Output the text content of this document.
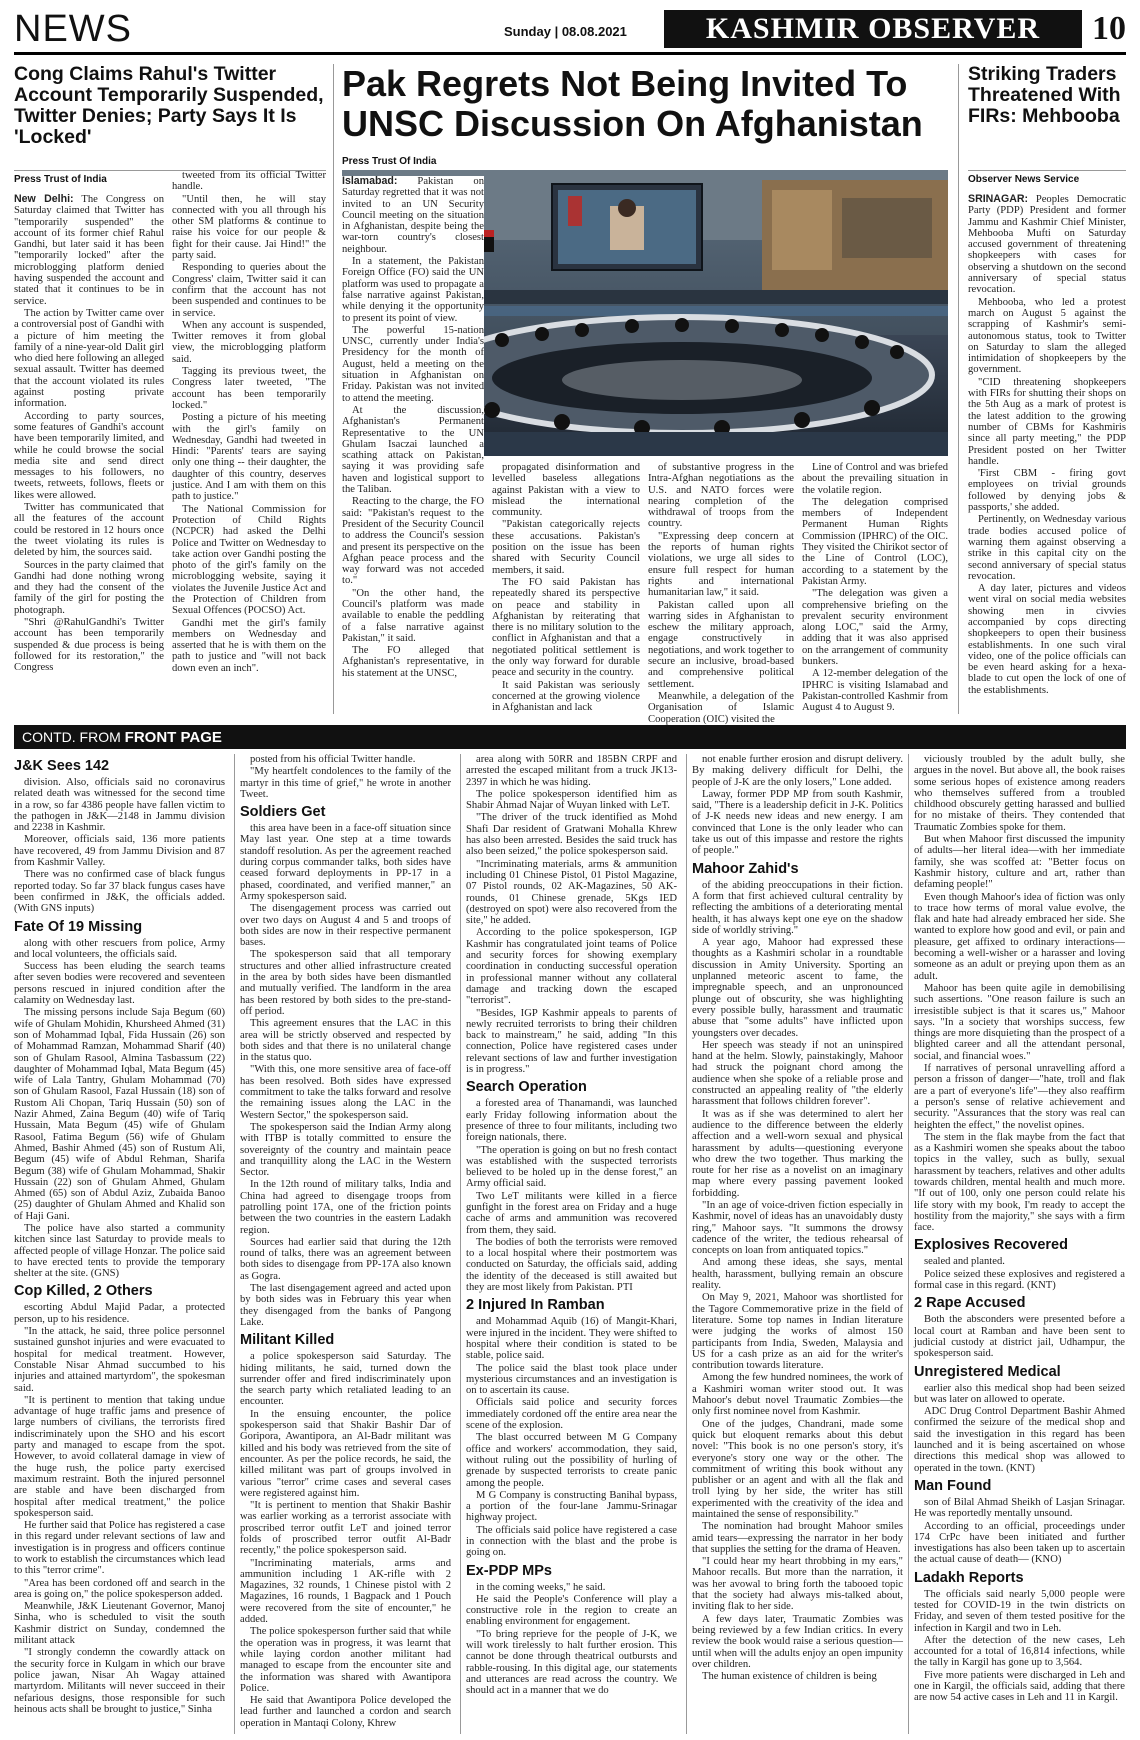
NEWS	Sunday | 08.08.2021	KASHMIR OBSERVER	10
Cong Claims Rahul's Twitter Account Temporarily Suspended, Twitter Denies; Party Says It Is 'Locked'
Press Trust of India

New Delhi: The Congress on Saturday claimed that Twitter has "temporarily suspended" the account of its former chief Rahul Gandhi, but later said it has been "temporarily locked" after the microblogging platform denied having suspended the account and stated that it continues to be in service.

The action by Twitter came over a controversial post of Gandhi with a picture of him meeting the family of a nine-year-old Dalit girl who died here following an alleged sexual assault. Twitter has deemed that the account violated its rules against posting private information.

According to party sources, some features of Gandhi's account have been temporarily limited, and while he could browse the social media site and send direct messages to his followers, no tweets, retweets, follows, fleets or likes were allowed.

Twitter has communicated that all the features of the account could be restored in 12 hours once the tweet violating its rules is deleted by him, the sources said.

Sources in the party claimed that Gandhi had done nothing wrong and they had the consent of the family of the girl for posting the photograph.

"Shri @RahulGandhi's Twitter account has been temporarily suspended & due process is being followed for its restoration," the Congress

tweeted from its official Twitter handle.

"Until then, he will stay connected with you all through his other SM platforms & continue to raise his voice for our people & fight for their cause. Jai Hind!" the party said.

Responding to queries about the Congress' claim, Twitter said it can confirm that the account has not been suspended and continues to be in service.

When any account is suspended, Twitter removes it from global view, the microblogging platform said.

Tagging its previous tweet, the Congress later tweeted, "The account has been temporarily locked."

Posting a picture of his meeting with the girl's family on Wednesday, Gandhi had tweeted in Hindi: "Parents' tears are saying only one thing -- their daughter, the daughter of this country, deserves justice. And I am with them on this path to justice."

The National Commission for Protection of Child Rights (NCPCR) had asked the Delhi Police and Twitter on Wednesday to take action over Gandhi posting the photo of the girl's family on the microblogging website, saying it violates the Juvenile Justice Act and the Protection of Children from Sexual Offences (POCSO) Act.

Gandhi met the girl's family members on Wednesday and asserted that he is with them on the path to justice and "will not back down even an inch".

Pak Regrets Not Being Invited To UNSC Discussion On Afghanistan
Press Trust Of India

Islamabad: Pakistan on Saturday regretted that it was not invited to an UN Security Council meeting on the situation in Afghanistan, despite being the war-torn country's closest neighbour.

In a statement, the Pakistan Foreign Office (FO) said the UN platform was used to propagate a false narrative against Pakistan, while denying it the opportunity to present its point of view.

The powerful 15-nation UNSC, currently under India's Presidency for the month of August, held a meeting on the situation in Afghanistan on Friday. Pakistan was not invited to attend the meeting.

At the discussion, Afghanistan's Permanent Representative to the UN Ghulam Isaczai launched a scathing attack on Pakistan, saying it was providing safe haven and logistical support to the Taliban.

Reacting to the charge, the FO said: "Pakistan's request to the President of the Security Council to address the Council's session and present its perspective on the Afghan peace process and the way forward was not acceded to."

"On the other hand, the Council's platform was made available to enable the peddling of a false narrative against Pakistan," it said.

The FO alleged that Afghanistan's representative, in his statement at the UNSC,

propagated disinformation and levelled baseless allegations against Pakistan with a view to mislead the international community.

"Pakistan categorically rejects these accusations. Pakistan's position on the issue has been shared with Security Council members, it said.

The FO said Pakistan has repeatedly shared its perspective on peace and stability in Afghanistan by reiterating that there is no military solution to the conflict in Afghanistan and that a negotiated political settlement is the only way forward for durable peace and security in the country.

It said Pakistan was seriously concerned at the growing violence in Afghanistan and lack

of substantive progress in the Intra-Afghan negotiations as the U.S. and NATO forces were nearing completion of the withdrawal of troops from the country.

"Expressing deep concern at the reports of human rights violations, we urge all sides to ensure full respect for human rights and international humanitarian law," it said.

Pakistan called upon all warring sides in Afghanistan to eschew the military approach, engage constructively in negotiations, and work together to secure an inclusive, broad-based and comprehensive political settlement.

Meanwhile, a delegation of the Organisation of Islamic Cooperation (OIC) visited the

Line of Control and was briefed about the prevailing situation in the volatile region.

The delegation comprised members of Independent Permanent Human Rights Commission (IPHRC) of the OIC. They visited the Chirikot sector of the Line of Control (LOC), according to a statement by the Pakistan Army.

"The delegation was given a comprehensive briefing on the prevalent security environment along LOC," said the Army, adding that it was also apprised on the arrangement of community bunkers.

A 12-member delegation of the IPHRC is visiting Islamabad and Pakistan-controlled Kashmir from August 4 to August 9.

Striking Traders Threatened With FIRs: Mehbooba
Observer News Service

SRINAGAR: Peoples Democratic Party (PDP) President and former Jammu and Kashmir Chief Minister, Mehbooba Mufti on Saturday accused government of threatening shopkeepers with cases for observing a shutdown on the second anniversary of special status revocation.

Mehbooba, who led a protest march on August 5 against the scrapping of Kashmir's semi-autonomous status, took to Twitter on Saturday to slam the alleged intimidation of shopkeepers by the government.

"CID threatening shopkeepers with FIRs for shutting their shops on the 5th Aug as a mark of protest is the latest addition to the growing number of CBMs for Kashmiris since all party meeting," the PDP President posted on her Twitter handle.

'First CBM - firing govt employees on trivial grounds followed by denying jobs & passports,' she added.

Pertinently, on Wednesday various trade bodies accused police of warning them against observing a strike in this capital city on the second anniversary of special status revocation.

A day later, pictures and videos went viral on social media websites showing men in civvies accompanied by cops directing shopkeepers to open their business establishments. In one such viral video, one of the police officials can be even heard asking for a hexa-blade to cut open the lock of one of the establishments.

CONTD. FROM FRONT PAGE
J&K Sees 142

division. Also, officials said no coronavirus related death was witnessed for the second time in a row, so far 4386 people have fallen victim to the pathogen in J&K—2148 in Jammu division and 2238 in Kashmir.

Moreover, officials said, 136 more patients have recovered, 49 from Jammu Division and 87 from Kashmir Valley.

There was no confirmed case of black fungus reported today. So far 37 black fungus cases have been confirmed in J&K, the officials added. (With GNS inputs)

Fate Of 19 Missing

along with other rescuers from police, Army and local volunteers, the officials said.

Success has been eluding the search teams after seven bodies were recovered and seventeen persons rescued in injured condition after the calamity on Wednesday last.

The missing persons include Saja Begum (60) wife of Ghulam Mohidin, Khursheed Ahmed (31) son of Mohammad Iqbal, Fida Hussain (26) son of Mohammad Ramzan, Mohammad Sharif (40) son of Ghulam Rasool, Almina Tasbassum (22) daughter of Mohammad Iqbal, Mata Begum (45) wife of Lala Tantry, Ghulam Mohammad (70) son of Ghulam Rasool, Fazal Hussain (18) son of Rustom Ali Chopan, Tariq Hussain (50) son of Nazir Ahmed, Zaina Begum (40) wife of Tariq Hussain, Mata Begum (45) wife of Ghulam Rasool, Fatima Begum (56) wife of Ghulam Ahmed, Bashir Ahmed (45) son of Rustum Ali, Begum (45) wife of Abdul Rehman, Sharifa Begum (38) wife of Ghulam Mohammad, Shakir Hussain (22) son of Ghulam Ahmed, Ghulam Ahmed (65) son of Abdul Aziz, Zubaida Banoo (25) daughter of Ghulam Ahmed and Khalid son of Haji Gani.

The police have also started a community kitchen since last Saturday to provide meals to affected people of village Honzar. The police said to have erected tents to provide the temporary shelter at the site. (GNS)

Cop Killed, 2 Others

escorting Abdul Majid Padar, a protected person, up to his residence.

"In the attack, he said, three police personnel sustained gunshot injuries and were evacuated to hospital for medical treatment. However, Constable Nisar Ahmad succumbed to his injuries and attained martyrdom", the spokesman said.

"It is pertinent to mention that taking undue advantage of huge traffic jams and presence of large numbers of civilians, the terrorists fired indiscriminately upon the SHO and his escort party and managed to escape from the spot. However, to avoid collateral damage in view of the huge rush, the police party exercised maximum restraint. Both the injured personnel are stable and have been discharged from hospital after medical treatment," the police spokesperson said.

He further said that Police has registered a case in this regard under relevant sections of law and investigation is in progress and officers continue to work to establish the circumstances which lead to this "terror crime".

"Area has been cordoned off and search in the area is going on," the police spokesperson added.

Meanwhile, J&K Lieutenant Governor, Manoj Sinha, who is scheduled to visit the south Kashmir district on Sunday, condemned the militant attack

"I strongly condemn the cowardly attack on the security force in Kulgam in which our brave police jawan, Nisar Ah Wagay attained martyrdom. Militants will never succeed in their nefarious designs, those responsible for such heinous acts shall be brought to justice," Sinha

posted from his official Twitter handle.

"My heartfelt condolences to the family of the martyr in this time of grief," he wrote in another Tweet.

Soldiers Get

this area have been in a face-off situation since May last year. One step at a time towards standoff resolution. As per the agreement reached during corpus commander talks, both sides have ceased forward deployments in PP-17 in a phased, coordinated, and verified manner," an Army spokesperson said.

The disengagement process was carried out over two days on August 4 and 5 and troops of both sides are now in their respective permanent bases.

The spokesperson said that all temporary structures and other allied infrastructure created in the area by both sides have been dismantled and mutually verified. The landform in the area has been restored by both sides to the pre-stand-off period.

This agreement ensures that the LAC in this area will be strictly observed and respected by both sides and that there is no unilateral change in the status quo.

"With this, one more sensitive area of face-off has been resolved. Both sides have expressed commitment to take the talks forward and resolve the remaining issues along the LAC in the Western Sector," the spokesperson said.

The spokesperson said the Indian Army along with ITBP is totally committed to ensure the sovereignty of the country and maintain peace and tranquillity along the LAC in the Western Sector.

In the 12th round of military talks, India and China had agreed to disengage troops from patrolling point 17A, one of the friction points between the two countries in the eastern Ladakh region.

Sources had earlier said that during the 12th round of talks, there was an agreement between both sides to disengage from PP-17A also known as Gogra.

The last disengagement agreed and acted upon by both sides was in February this year when they disengaged from the banks of Pangong Lake.

Militant Killed

a police spokesperson said Saturday. The hiding militants, he said, turned down the surrender offer and fired indiscriminately upon the search party which retaliated leading to an encounter.

In the ensuing encounter, the police spokesperson said that Shakir Bashir Dar of Goripora, Awantipora, an Al-Badr militant was killed and his body was retrieved from the site of encounter. As per the police records, he said, the killed militant was part of groups involved in various "terror" crime cases and several cases were registered against him.

"It is pertinent to mention that Shakir Bashir was earlier working as a terrorist associate with proscribed terror outfit LeT and joined terror folds of proscribed terror outfit Al-Badr recently," the police spokesperson said.

"Incriminating materials, arms and ammunition including 1 AK-rifle with 2 Magazines, 32 rounds, 1 Chinese pistol with 2 Magazines, 16 rounds, 1 Bagpack and 1 Pouch were recovered from the site of encounter," he added.

The police spokesperson further said that while the operation was in progress, it was learnt that while laying cordon another militant had managed to escape from the encounter site and the information was shared with Awantipora Police.

He said that Awantipora Police developed the lead further and launched a cordon and search operation in Mantaqi Colony, Khrew

area along with 50RR and 185BN CRPF and arrested the escaped militant from a truck JK13-2397 in which he was hiding.

The police spokesperson identified him as Shabir Ahmad Najar of Wuyan linked with LeT.

"The driver of the truck identified as Mohd Shafi Dar resident of Gratwani Mohalla Khrew has also been arrested. Besides the said truck has also been seized," the police spokesperson said.

"Incriminating materials, arms & ammunition including 01 Chinese Pistol, 01 Pistol Magazine, 07 Pistol rounds, 02 AK-Magazines, 50 AK-rounds, 01 Chinese grenade, 5Kgs IED (destroyed on spot) were also recovered from the site," he added.

According to the police spokesperson, IGP Kashmir has congratulated joint teams of Police and security forces for showing exemplary coordination in conducting successful operation in professional manner without any collateral damage and tracking down the escaped "terrorist".

"Besides, IGP Kashmir appeals to parents of newly recruited terrorists to bring their children back to mainstream," he said, adding "In this connection, Police have registered cases under relevant sections of law and further investigation is in progress."

Search Operation

a forested area of Thanamandi, was launched early Friday following information about the presence of three to four militants, including two foreign nationals, there.

"The operation is going on but no fresh contact was established with the suspected terrorists believed to be holed up in the dense forest," an Army official said.

Two LeT militants were killed in a fierce gunfight in the forest area on Friday and a huge cache of arms and ammunition was recovered from them, they said.

The bodies of both the terrorists were removed to a local hospital where their postmortem was conducted on Saturday, the officials said, adding the identity of the deceased is still awaited but they are most likely from Pakistan. PTI

2 Injured In Ramban

and Mohammad Aquib (16) of Mangit-Khari, were injured in the incident. They were shifted to hospital where their condition is stated to be stable, police said.

The police said the blast took place under mysterious circumstances and an investigation is on to ascertain its cause.

Officials said police and security forces immediately cordoned off the entire area near the scene of the explosion.

The blast occurred between M G Company office and workers' accommodation, they said, without ruling out the possibility of hurling of grenade by suspected terrorists to create panic among the people.

M G Company is constructing Banihal bypass, a portion of the four-lane Jammu-Srinagar highway project.

The officials said police have registered a case in connection with the blast and the probe is going on.

Ex-PDP MPs

in the coming weeks," he said.

He said the People's Conference will play a constructive role in the region to create an enabling environment for engagement.

"To bring reprieve for the people of J-K, we will work tirelessly to halt further erosion. This cannot be done through theatrical outbursts and rabble-rousing. In this digital age, our statements and utterances are read across the country. We should act in a manner that we do

not enable further erosion and disrupt delivery. By making delivery difficult for Delhi, the people of J-K are the only losers," Lone added.

Laway, former PDP MP from south Kashmir, said, "There is a leadership deficit in J-K. Politics of J-K needs new ideas and new energy. I am convinced that Lone is the only leader who can take us out of this impasse and restore the rights of people."

Mahoor Zahid's

of the abiding preoccupations in their fiction. A form that first achieved cultural centrality by reflecting the ambitions of a deteriorating mental health, it has always kept one eye on the shadow side of worldly striving."

A year ago, Mahoor had expressed these thoughts as a Kashmiri scholar in a roundtable discussion in Amity University. Sporting an unplanned meteoric ascent to fame, the impregnable speech, and an unpronounced plunge out of obscurity, she was highlighting every possible bully, harassment and traumatic abuse that "some adults" have inflicted upon youngsters over decades.

Her speech was steady if not an uninspired hand at the helm. Slowly, painstakingly, Mahoor had struck the poignant chord among the audience when she spoke of a reliable prose and constructed an appealing reality of "the elderly harassment that follows children forever".

It was as if she was determined to alert her audience to the difference between the elderly affection and a well-worn sexual and physical harassment by adults—questioning everyone who drew the two together. Thus marking the route for her rise as a novelist on an imaginary map where every passing pavement looked forbidding.

"In an age of voice-driven fiction especially in Kashmir, novel of ideas has an unavoidably dusty ring," Mahoor says. "It summons the drowsy cadence of the writer, the tedious rehearsal of concepts on loan from antiquated topics."

And among these ideas, she says, mental health, harassment, bullying remain an obscure reality.

On May 9, 2021, Mahoor was shortlisted for the Tagore Commemorative prize in the field of literature. Some top names in Indian literature were judging the works of almost 150 participants from India, Sweden, Malaysia and US for a cash prize as an aid for the writer's contribution towards literature.

Among the few hundred nominees, the work of a Kashmiri woman writer stood out. It was Mahoor's debut novel Traumatic Zombies—the only first nominee novel from Kashmir.

One of the judges, Chandrani, made some quick but eloquent remarks about this debut novel: "This book is no one person's story, it's everyone's story one way or the other. The commitment of writing this book without any publisher or an agent and with all the flak and troll lying by her side, the writer has still experimented with the creativity of the idea and maintained the sense of responsibility."

The nomination had brought Mahoor smiles amid tears—expressing the narrator in her body that supplies the setting for the drama of Heaven.

"I could hear my heart throbbing in my ears," Mahoor recalls. But more than the narration, it was her avowal to bring forth the tabooed topic that the society had always mis-talked about, inviting flak to her side.

A few days later, Traumatic Zombies was being reviewed by a few Indian critics. In every review the book would raise a serious question—until when will the adults enjoy an open impunity over children.

The human existence of children is being

viciously troubled by the adult bully, she argues in the novel. But above all, the book raises some serious hopes of existence among readers who themselves suffered from a troubled childhood obscurely getting harassed and bullied for no mistake of theirs. They contended that Traumatic Zombies spoke for them.

But when Mahoor first discussed the impunity of adults—her literal idea—with her immediate family, she was scoffed at: "Better focus on Kashmir history, culture and art, rather than defaming people!"

Even though Mahoor's idea of fiction was only to trace how terms of moral value evolve, the flak and hate had already embraced her side. She wanted to explore how good and evil, or pain and pleasure, get affixed to ordinary interactions—becoming a well-wisher or a harasser and loving someone as an adult or preying upon them as an adult.

Mahoor has been quite agile in demobilising such assertions. "One reason failure is such an irresistible subject is that it scares us," Mahoor says. "In a society that worships success, few things are more disquieting than the prospect of a blighted career and all the attendant personal, social, and financial woes."

If narratives of personal unravelling afford a person a frisson of danger—"hate, troll and flak are a part of everyone's life"—they also reaffirm a person's sense of relative achievement and security. "Assurances that the story was real can heighten the effect," the novelist opines.

The stem in the flak maybe from the fact that as a Kashmiri women she speaks about the taboo topics in the valley, such as bully, sexual harassment by teachers, relatives and other adults towards children, mental health and much more. "If out of 100, only one person could relate his life story with my book, I'm ready to accept the hostility from the majority," she says with a firm face.

Explosives Recovered

sealed and planted.

Police seized these explosives and registered a formal case in this regard. (KNT)

2 Rape Accused

Both the absconders were presented before a local court at Ramban and have been sent to judicial custody at district jail, Udhampur, the spokesperson said.

Unregistered Medical

earlier also this medical shop had been seized but was later on allowed to operate.

ADC Drug Control Department Bashir Ahmed confirmed the seizure of the medical shop and said the investigation in this regard has been launched and it is being ascertained on whose directions this medical shop was allowed to operated in the town. (KNT)

Man Found

son of Bilal Ahmad Sheikh of Lasjan Srinagar. He was reportedly mentally unsound.

According to an official, proceedings under 174 CrPc have been initiated and further investigations has also been taken up to ascertain the actual cause of death— (KNO)

Ladakh Reports

The officials said nearly 5,000 people were tested for COVID-19 in the twin districts on Friday, and seven of them tested positive for the infection in Kargil and two in Leh.

After the detection of the new cases, Leh accounted for a total of 16,814 infections, while the tally in Kargil has gone up to 3,564.

Five more patients were discharged in Leh and one in Kargil, the officials said, adding that there are now 54 active cases in Leh and 11 in Kargil.
